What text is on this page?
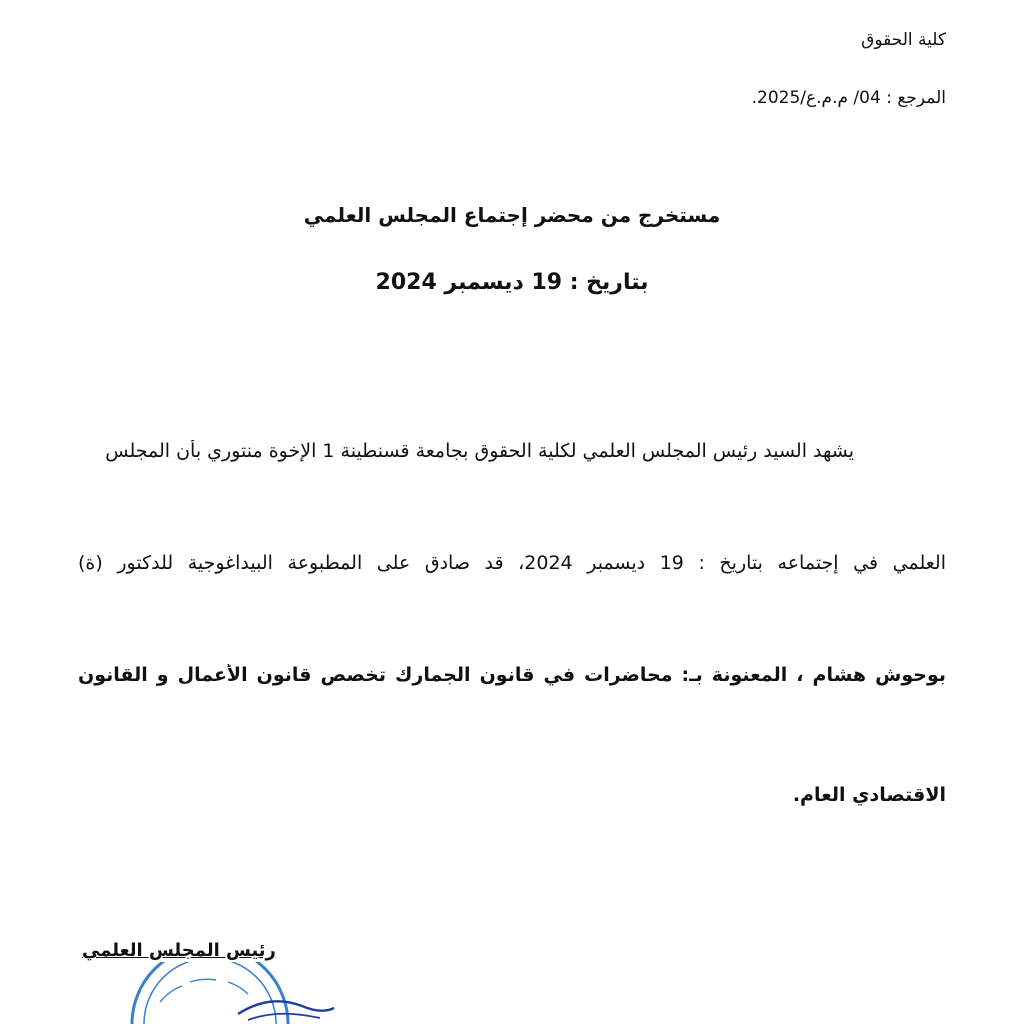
كلية الحقوق
المرجع : 04/ م.م.ع/2025.
مستخرج من محضر إجتماع المجلس العلمي
بتاريخ : 19 ديسمبر 2024
يشهد السيد رئيس المجلس العلمي لكلية الحقوق بجامعة قسنطينة 1 الإخوة منتوري بأن المجلس
العلمي في إجتماعه بتاريخ : 19 ديسمبر 2024، قد صادق على المطبوعة البيداغوجية للدكتور (ة)
بوحوش هشام ، المعنونة بـ: محاضرات في قانون الجمارك تخصص قانون الأعمال و القانون
الاقتصادي العام.
رئيس المجلس العلمي
